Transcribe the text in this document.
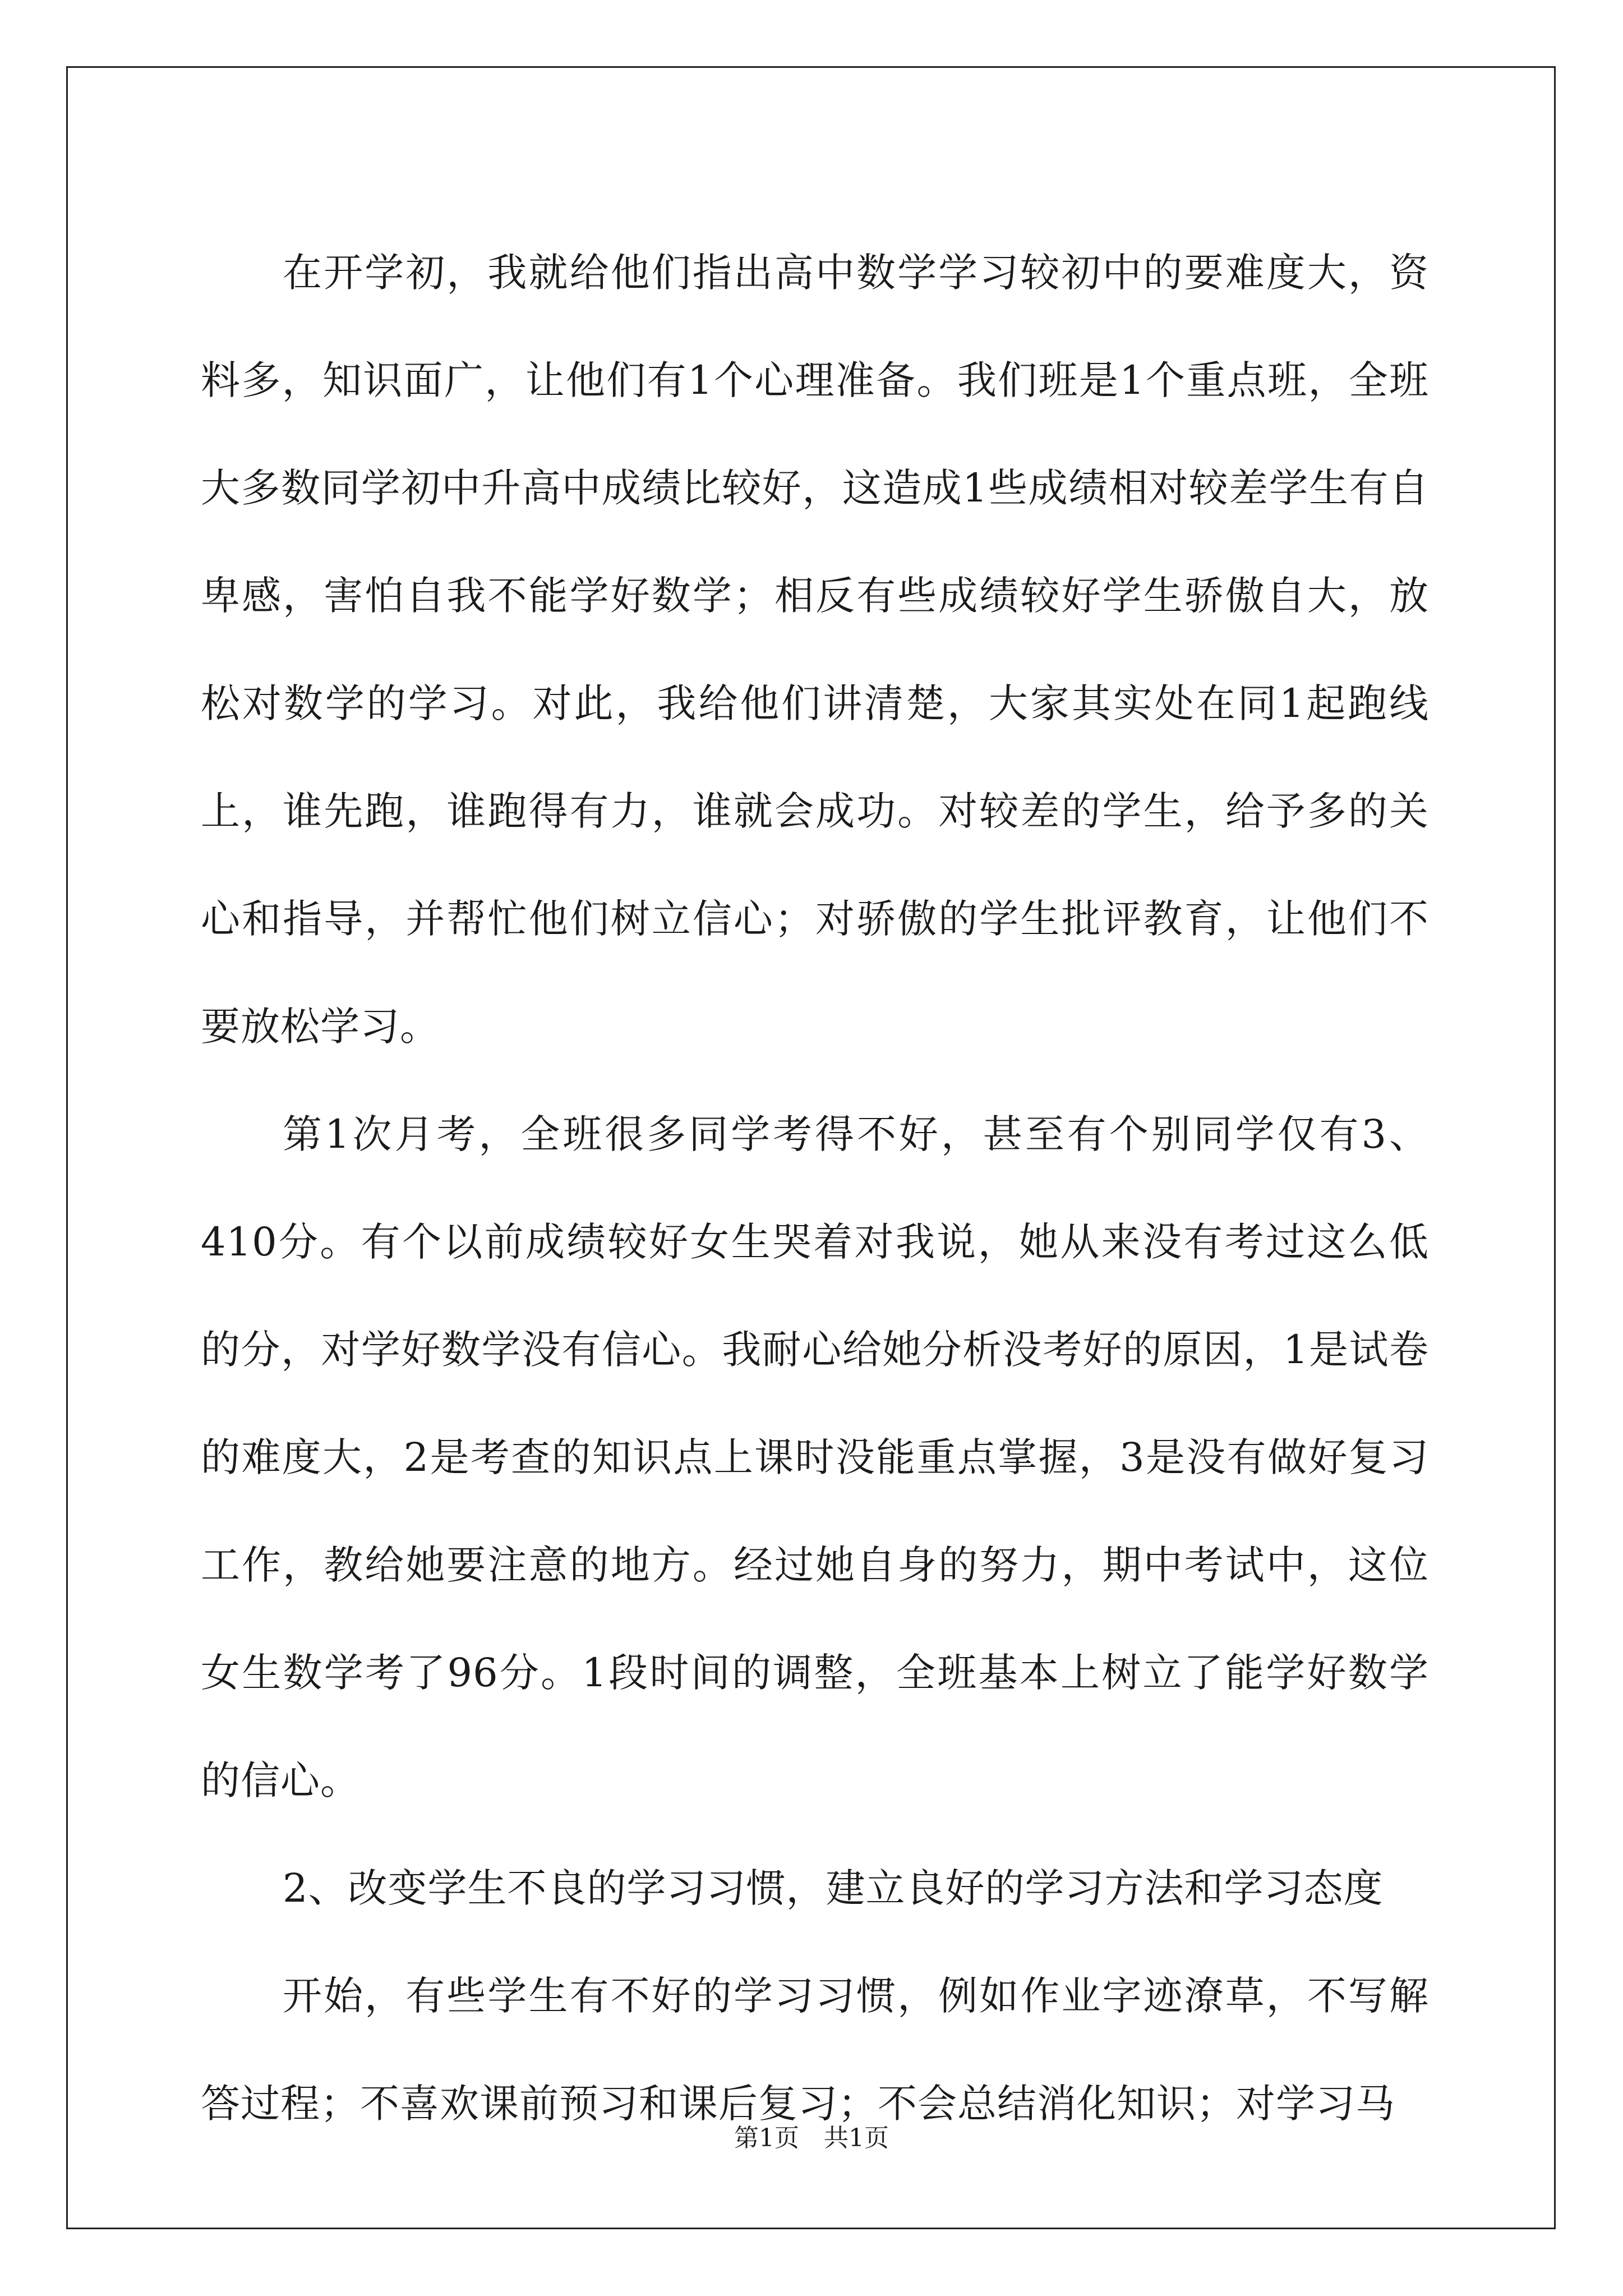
在开学初，我就给他们指出高中数学学习较初中的要难度大，资料多，知识面广，让他们有1个心理准备。我们班是1个重点班，全班大多数同学初中升高中成绩比较好，这造成1些成绩相对较差学生有自卑感，害怕自我不能学好数学；相反有些成绩较好学生骄傲自大，放松对数学的学习。对此，我给他们讲清楚，大家其实处在同1起跑线上，谁先跑，谁跑得有力，谁就会成功。对较差的学生，给予多的关心和指导，并帮忙他们树立信心；对骄傲的学生批评教育，让他们不要放松学习。

第1次月考，全班很多同学考得不好，甚至有个别同学仅有3、410分。有个以前成绩较好女生哭着对我说，她从来没有考过这么低的分，对学好数学没有信心。我耐心给她分析没考好的原因，1是试卷的难度大，2是考查的知识点上课时没能重点掌握，3是没有做好复习工作，教给她要注意的地方。经过她自身的努力，期中考试中，这位女生数学考了96分。1段时间的调整，全班基本上树立了能学好数学的信心。

2、改变学生不良的学习习惯，建立良好的学习方法和学习态度

开始，有些学生有不好的学习习惯，例如作业字迹潦草，不写解答过程；不喜欢课前预习和课后复习；不会总结消化知识；对学习马

第1页 共1页
